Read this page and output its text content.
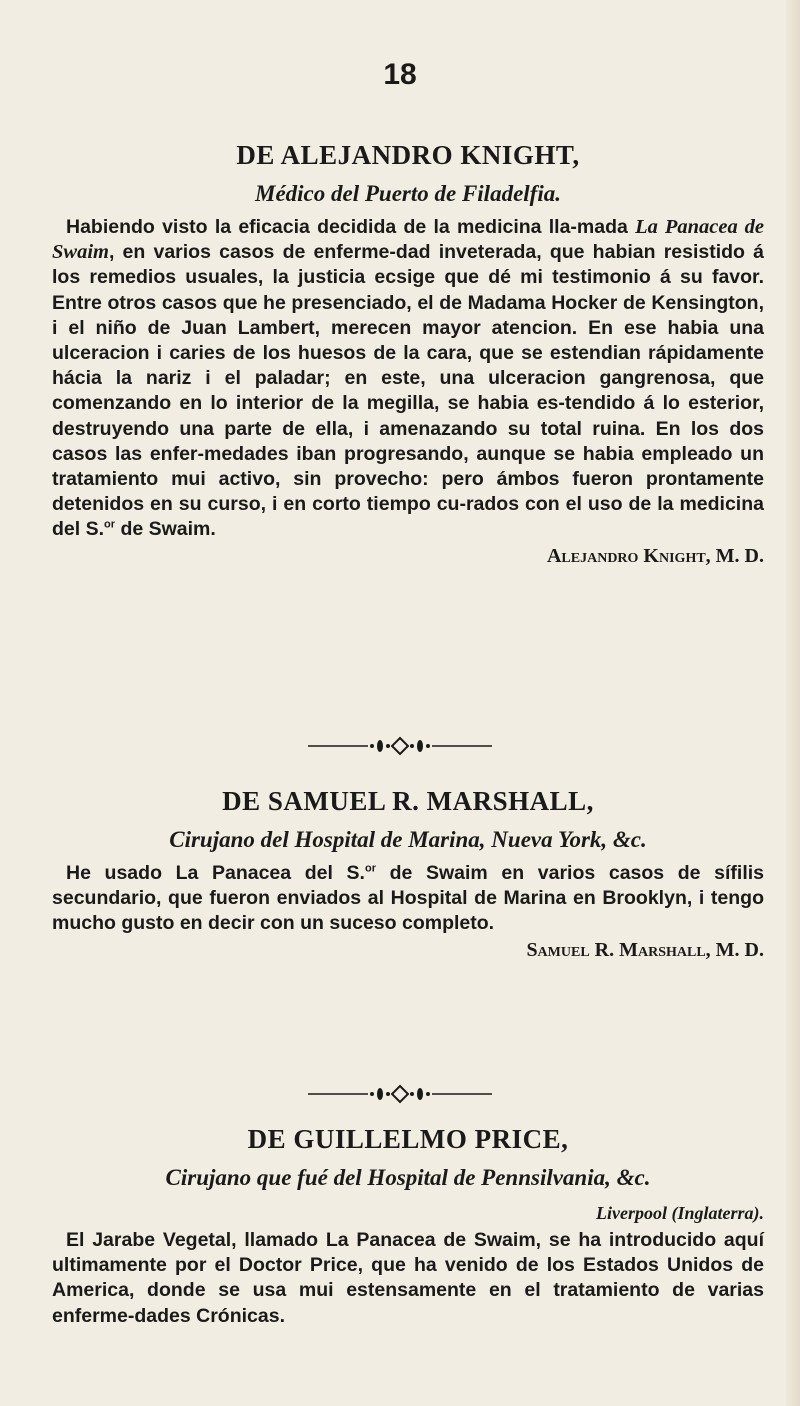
18

DE ALEJANDRO KNIGHT,

Médico del Puerto de Filadelfia.

Habiendo visto la eficacia decidida de la medicina lla-mada La Panacea de Swaim, en varios casos de enferme-dad inveterada, que habian resistido á los remedios usuales, la justicia ecsige que dé mi testimonio á su favor. Entre otros casos que he presenciado, el de Madama Hocker de Kensington, i el niño de Juan Lambert, merecen mayor atencion. En ese habia una ulceracion i caries de los huesos de la cara, que se estendian rápidamente hácia la nariz i el paladar; en este, una ulceracion gangrenosa, que comenzando en lo interior de la megilla, se habia es-tendido á lo esterior, destruyendo una parte de ella, i amenazando su total ruina. En los dos casos las enfer-medades iban progresando, aunque se habia empleado un tratamiento mui activo, sin provecho: pero ámbos fueron prontamente detenidos en su curso, i en corto tiempo cu-rados con el uso de la medicina del S.$^{or}$ de Swaim.

Alejandro Knight, M. D.

DE SAMUEL R. MARSHALL,

Cirujano del Hospital de Marina, Nueva York, &c.

He usado La Panacea del S.$^{or}$ de Swaim en varios casos de sífilis secundario, que fueron enviados al Hospital de Marina en Brooklyn, i tengo mucho gusto en decir con un suceso completo.

Samuel R. Marshall, M. D.

DE GUILLELMO PRICE,

Cirujano que fué del Hospital de Pennsilvania, &c.

Liverpool (Inglaterra).

El Jarabe Vegetal, llamado La Panacea de Swaim, se ha introducido aquí ultimamente por el Doctor Price, que ha venido de los Estados Unidos de America, donde se usa mui estensamente en el tratamiento de varias enferme-dades Crónicas.
